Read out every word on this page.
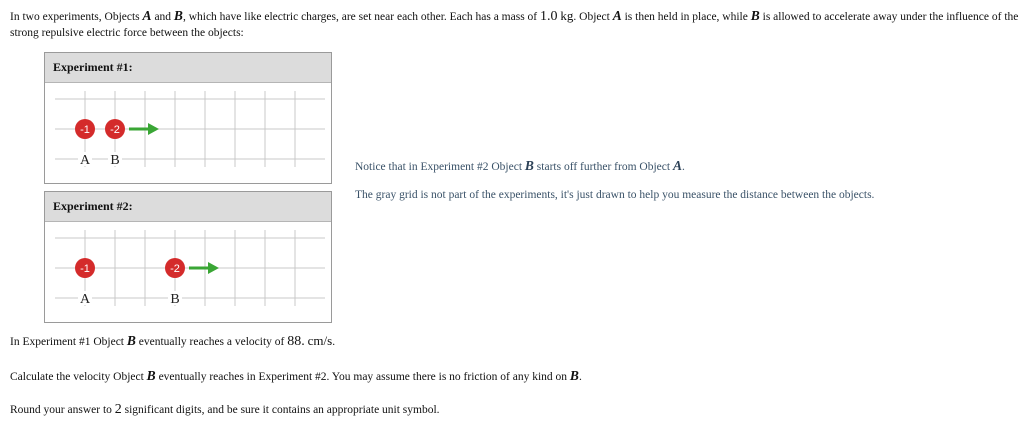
In two experiments, Objects A and B, which have like electric charges, are set near each other. Each has a mass of 1.0 kg. Object A is then held in place, while B is allowed to accelerate away under the influence of the strong repulsive electric force between the objects:
Experiment #1:
-1 -2
A B
Experiment #2:
-1	-2
A	B
Notice that in Experiment #2 Object B starts off further from Object A.
The gray grid is not part of the experiments, it's just drawn to help you measure the distance between the objects.
In Experiment #1 Object B eventually reaches a velocity of 88. cm/s.
Calculate the velocity Object B eventually reaches in Experiment #2. You may assume there is no friction of any kind on B.
Round your answer to 2 significant digits, and be sure it contains an appropriate unit symbol.
